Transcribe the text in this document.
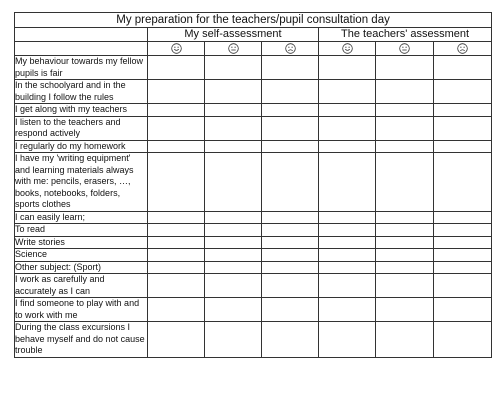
My preparation for the teachers/pupil consultation day						
	My self-assessment			The teachers' assessment		

My behaviour towards my fellow pupils is fair						
In the schoolyard and in the building I follow the rules						
I get along with my teachers						
I listen to the teachers and respond actively						
I regularly do my homework						
I have my 'writing equipment' and learning materials always with me: pencils, erasers, …, books, notebooks, folders, sports clothes						
I can easily learn;						
To read						
Write stories						
Science						
Other subject: (Sport)						
I work as carefully and accurately as I can						
I find someone to play with and to work with me						
During the class excursions I behave myself and do not cause trouble						
